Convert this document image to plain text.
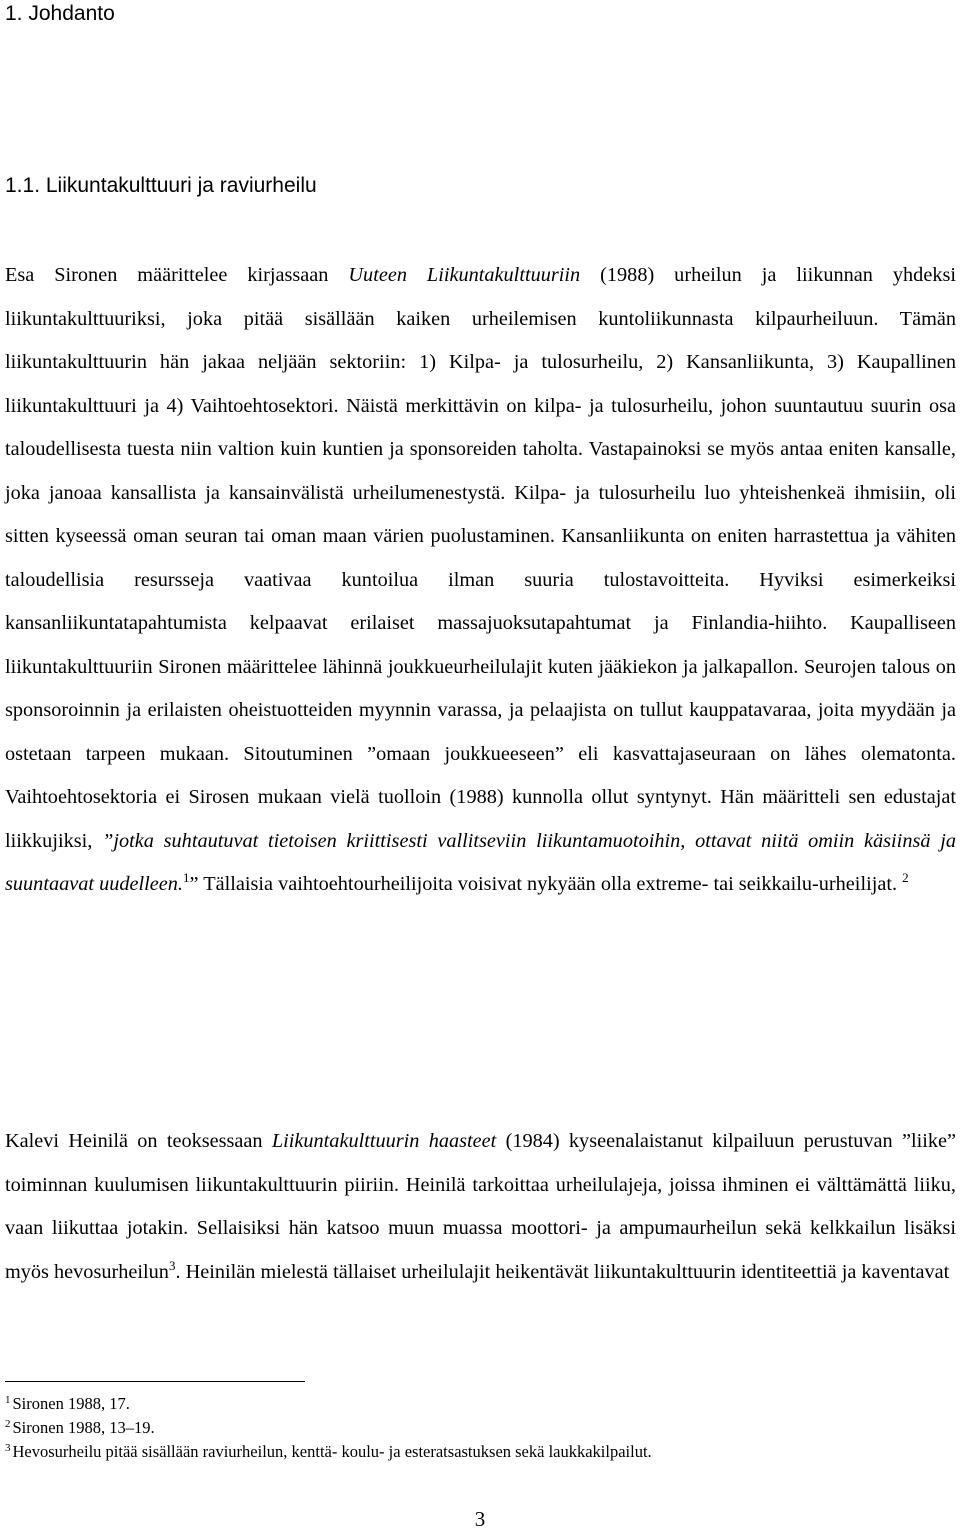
1. Johdanto
1.1. Liikuntakulttuuri ja raviurheilu

Esa Sironen määrittelee kirjassaan Uuteen Liikuntakulttuuriin (1988) urheilun ja liikunnan yhdeksi liikuntakulttuuriksi, joka pitää sisällään kaiken urheilemisen kuntoliikunnasta kilpaurheiluun. Tämän liikuntakulttuurin hän jakaa neljään sektoriin: 1) Kilpa- ja tulosurheilu, 2) Kansanliikunta, 3) Kaupallinen liikuntakulttuuri ja 4) Vaihtoehtosektori. Näistä merkittävin on kilpa- ja tulosurheilu, johon suuntautuu suurin osa taloudellisesta tuesta niin valtion kuin kuntien ja sponsoreiden taholta. Vastapainoksi se myös antaa eniten kansalle, joka janoaa kansallista ja kansainvälistä urheilumenestystä. Kilpa- ja tulosurheilu luo yhteishenkeä ihmisiin, oli sitten kyseessä oman seuran tai oman maan värien puolustaminen. Kansanliikunta on eniten harrastettua ja vähiten taloudellisia resursseja vaativaa kuntoilua ilman suuria tulostavoitteita. Hyviksi esimerkeiksi kansanliikuntatapahtumista kelpaavat erilaiset massajuoksutapahtumat ja Finlandia-hiihto. Kaupalliseen liikuntakulttuuriin Sironen määrittelee lähinnä joukkueurheilulajit kuten jääkiekon ja jalkapallon. Seurojen talous on sponsoroinnin ja erilaisten oheistuotteiden myynnin varassa, ja pelaajista on tullut kauppatavaraa, joita myydään ja ostetaan tarpeen mukaan. Sitoutuminen ”omaan joukkueeseen” eli kasvattajaseuraan on lähes olematonta. Vaihtoehtosektoria ei Sirosen mukaan vielä tuolloin (1988) kunnolla ollut syntynyt. Hän määritteli sen edustajat liikkujiksi, ”jotka suhtautuvat tietoisen kriittisesti vallitseviin liikuntamuotoihin, ottavat niitä omiin käsiinsä ja suuntaavat uudelleen.$^1$” Tällaisia vaihtoehtourheilijoita voisivat nykyään olla extreme- tai seikkailu-urheilijat. $^2$

Kalevi Heinilä on teoksessaan Liikuntakulttuurin haasteet (1984) kyseenalaistanut kilpailuun perustuvan ”liike” toiminnan kuulumisen liikuntakulttuurin piiriin. Heinilä tarkoittaa urheilulajeja, joissa ihminen ei välttämättä liiku, vaan liikuttaa jotakin. Sellaisiksi hän katsoo muun muassa moottori- ja ampumaurheilun sekä kelkkailun lisäksi myös hevosurheilun$^3$. Heinilän mielestä tällaiset urheilulajit heikentävät liikuntakulttuurin identiteettiä ja kaventavat

$^1$ Sironen 1988, 17.
$^2$ Sironen 1988, 13–19.
$^3$ Hevosurheilu pitää sisällään raviurheilun, kenttä- koulu- ja esteratsastuksen sekä laukkakilpailut.
3
